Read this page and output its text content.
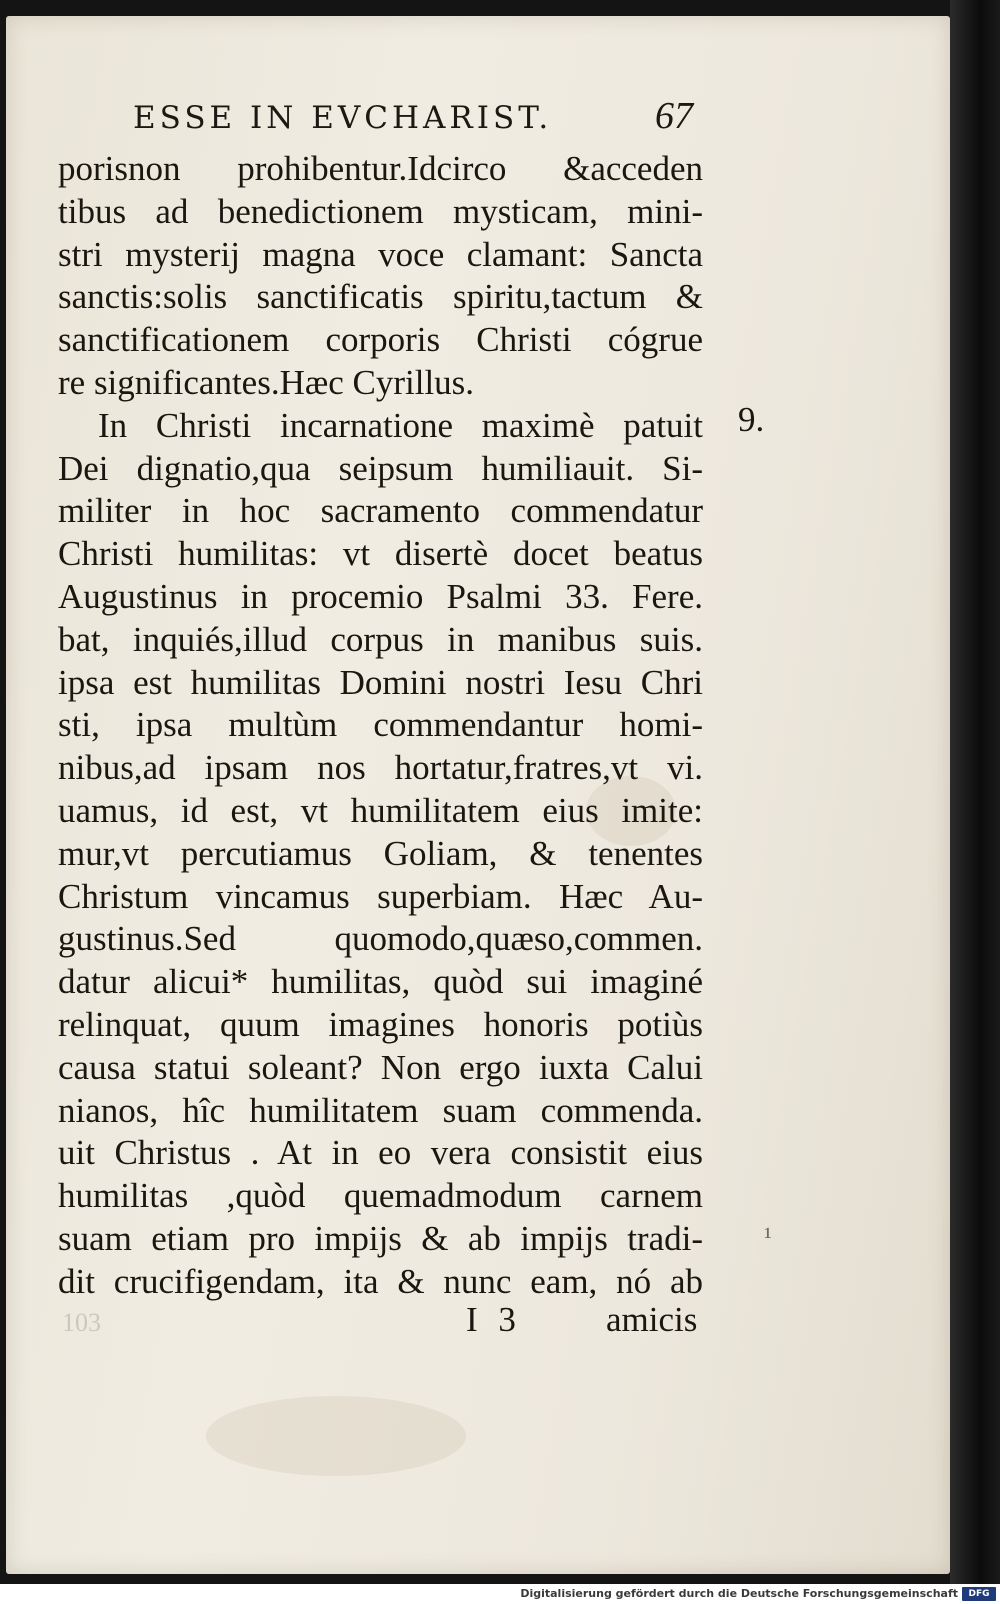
ESSE IN EVCHARIST.	67
9.
porisnon prohibentur.Idcirco &acceden
tibus ad benedictionem mysticam, mini-
stri mysterij magna voce clamant: Sancta
sanctis:solis sanctificatis spiritu,tactum &
sanctificationem corporis Christi cógrue
re significantes.Hæc Cyrillus.
In Christi incarnatione maximè patuit
Dei dignatio,qua seipsum humiliauit. Si-
militer in hoc sacramento commendatur
Christi humilitas: vt disertè docet beatus
Augustinus in procemio Psalmi 33. Fere.
bat, inquiés,illud corpus in manibus suis.
ipsa est humilitas Domini nostri Iesu Chri
sti, ipsa multùm commendantur homi-
nibus,ad ipsam nos hortatur,fratres,vt vi.
uamus, id est, vt humilitatem eius imite:
mur,vt percutiamus Goliam, & tenentes
Christum vincamus superbiam. Hæc Au-
gustinus.Sed quomodo,quæso,commen.
datur alicui* humilitas, quòd sui imaginé
relinquat, quum imagines honoris potiùs
causa statui soleant? Non ergo iuxta Calui
nianos, hîc humilitatem suam commenda.
uit Christus . At in eo vera consistit eius
humilitas ,quòd quemadmodum carnem
suam etiam pro impijs & ab impijs tradi-
dit crucifigendam, ita & nunc eam, nó ab
103
¹
I 3 amicis
Digitalisierung gefördert durch die Deutsche Forschungsgemeinschaft	DFG
